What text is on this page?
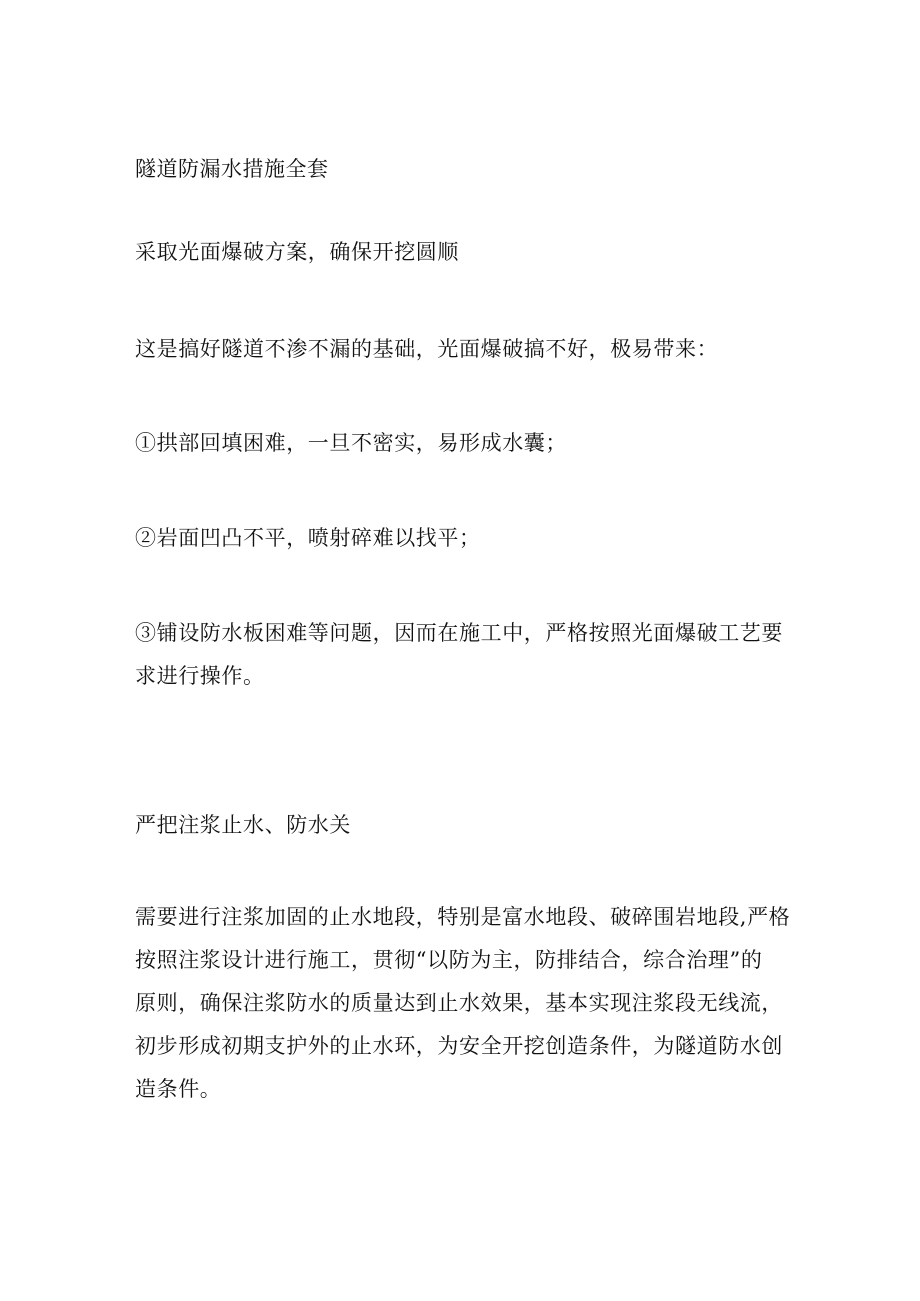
隧道防漏水措施全套

采取光面爆破方案，确保开挖圆顺

这是搞好隧道不渗不漏的基础，光面爆破搞不好，极易带来：

①拱部回填困难，一旦不密实，易形成水囊；

②岩面凹凸不平，喷射碎难以找平；

③铺设防水板困难等问题，因而在施工中，严格按照光面爆破工艺要
求进行操作。

严把注浆止水、防水关

需要进行注浆加固的止水地段，特别是富水地段、破碎围岩地段,严格
按照注浆设计进行施工，贯彻“以防为主，防排结合，综合治理”的
原则，确保注浆防水的质量达到止水效果，基本实现注浆段无线流，
初步形成初期支护外的止水环，为安全开挖创造条件，为隧道防水创
造条件。
